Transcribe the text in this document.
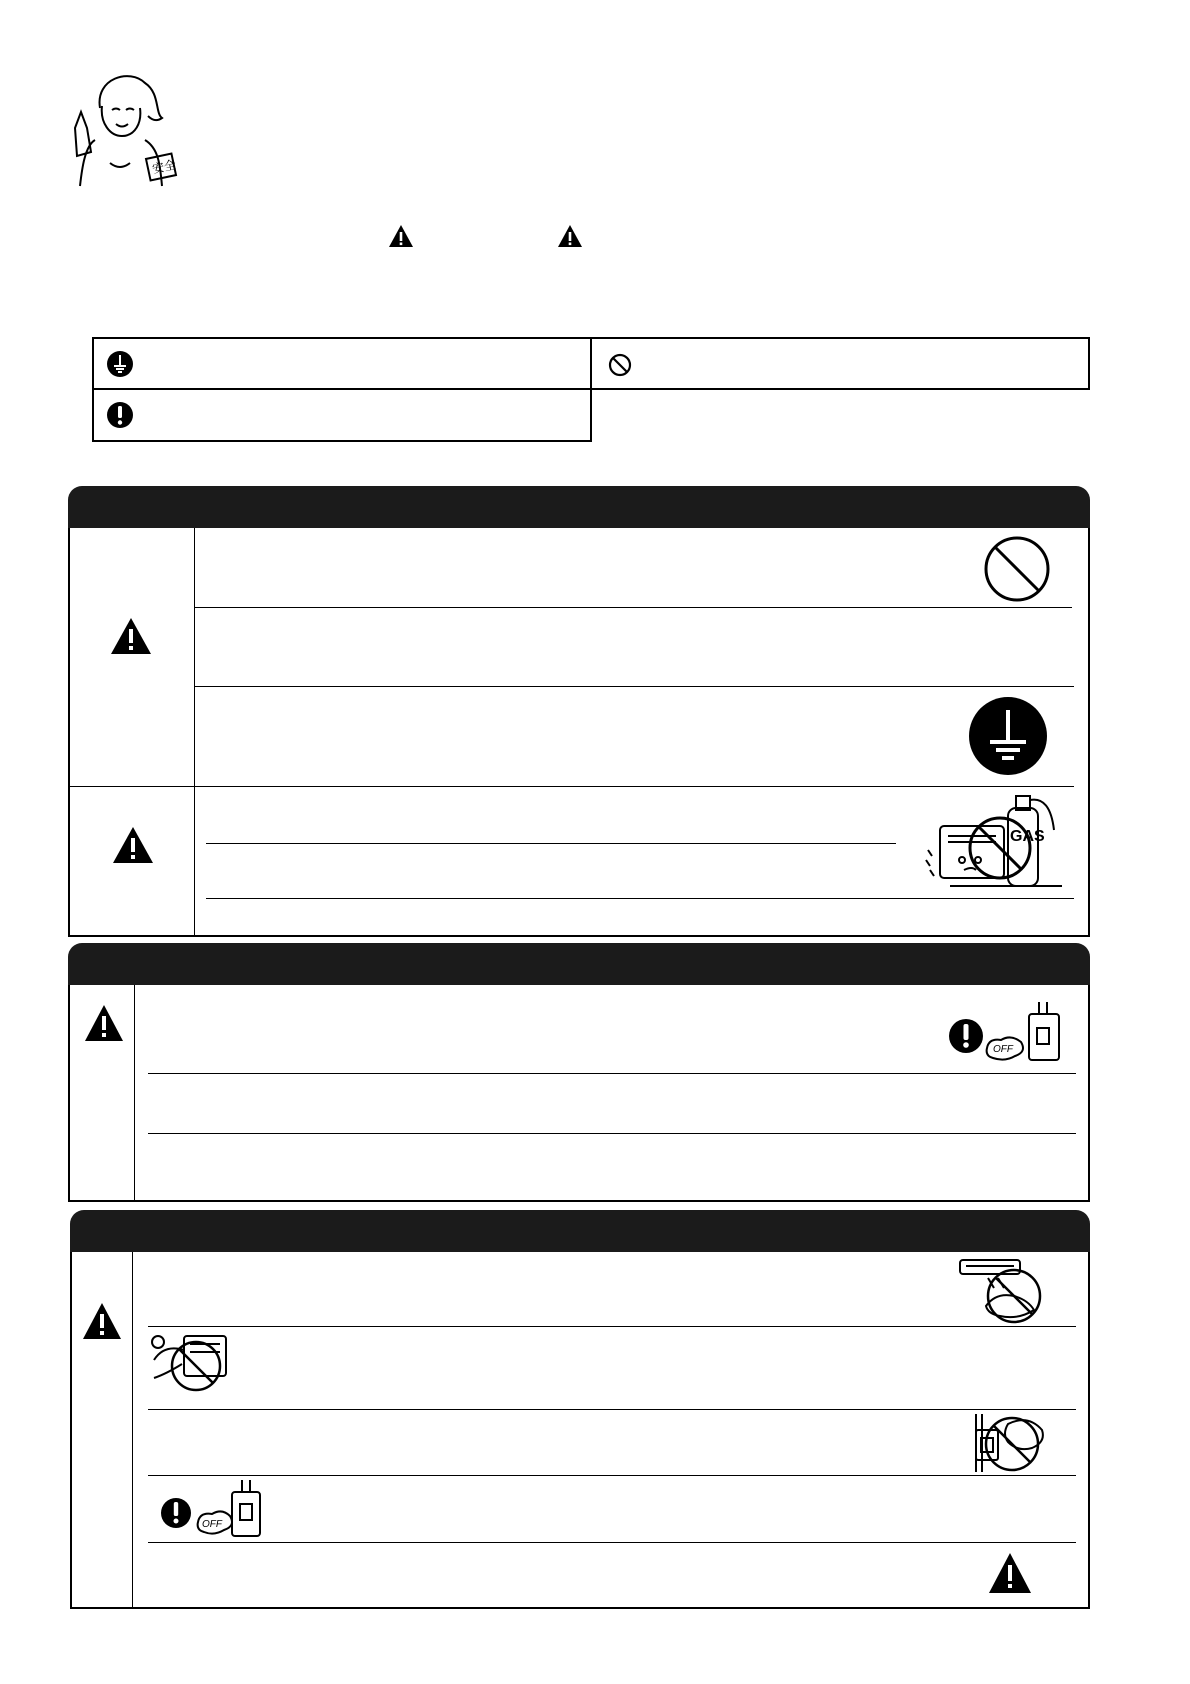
安全
GAS
OFF
OFF
